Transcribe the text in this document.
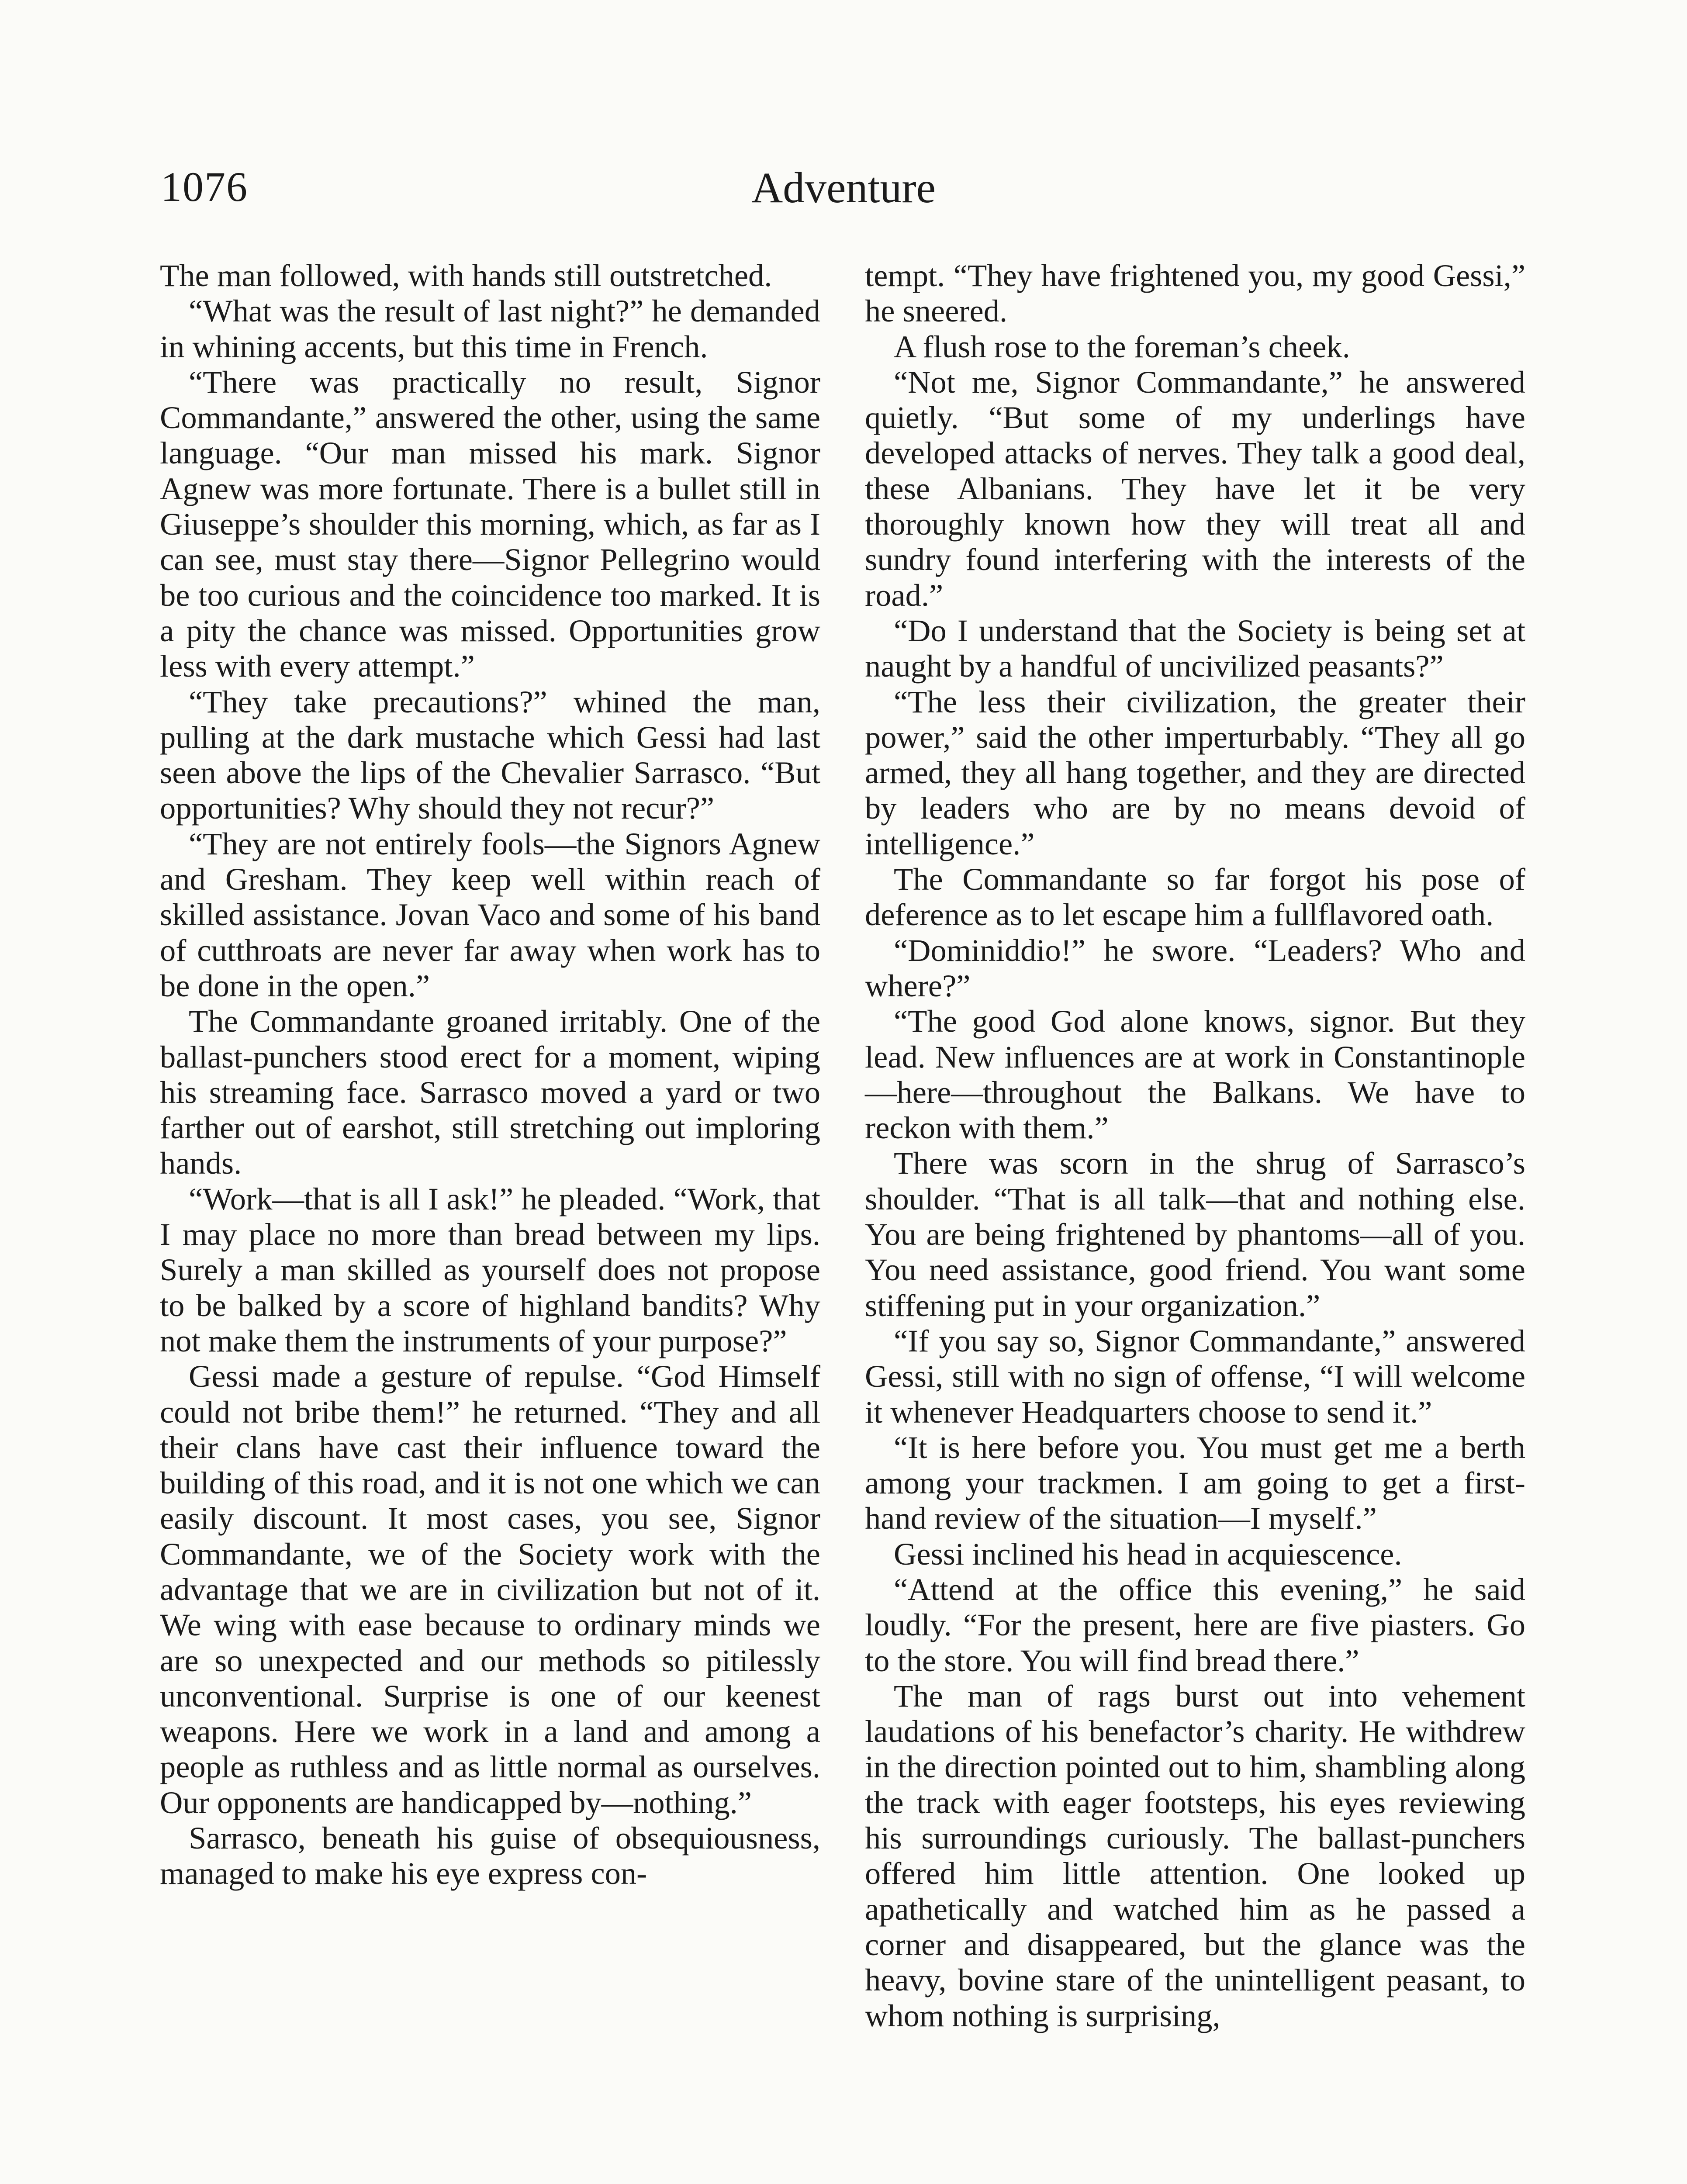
1076	Adventure

The man followed, with hands still outstretched.

“What was the result of last night?” he demanded in whining accents, but this time in French.

“There was practically no result, Signor Commandante,” answered the other, using the same language. “Our man missed his mark. Signor Agnew was more fortunate. There is a bullet still in Giuseppe’s shoulder this morning, which, as far as I can see, must stay there—Signor Pellegrino would be too curious and the coincidence too marked. It is a pity the chance was missed. Opportunities grow less with every attempt.”

“They take precautions?” whined the man, pulling at the dark mustache which Gessi had last seen above the lips of the Chevalier Sarrasco. “But opportunities? Why should they not recur?”

“They are not entirely fools—the Signors Agnew and Gresham. They keep well within reach of skilled assistance. Jovan Vaco and some of his band of cutthroats are never far away when work has to be done in the open.”

The Commandante groaned irritably. One of the ballast-punchers stood erect for a moment, wiping his streaming face. Sarrasco moved a yard or two farther out of earshot, still stretching out imploring hands.

“Work—that is all I ask!” he pleaded. “Work, that I may place no more than bread between my lips. Surely a man skilled as yourself does not propose to be balked by a score of highland bandits? Why not make them the instruments of your purpose?”

Gessi made a gesture of repulse. “God Himself could not bribe them!” he returned. “They and all their clans have cast their influence toward the building of this road, and it is not one which we can easily discount. It most cases, you see, Signor Commandante, we of the Society work with the advantage that we are in civilization but not of it. We wing with ease because to ordinary minds we are so unexpected and our methods so pitilessly unconventional. Surprise is one of our keenest weapons. Here we work in a land and among a people as ruthless and as little normal as ourselves. Our opponents are handicapped by—nothing.”

Sarrasco, beneath his guise of obsequiousness, managed to make his eye express con-

tempt. “They have frightened you, my good Gessi,” he sneered.

A flush rose to the foreman’s cheek.

“Not me, Signor Commandante,” he answered quietly. “But some of my underlings have developed attacks of nerves. They talk a good deal, these Albanians. They have let it be very thoroughly known how they will treat all and sundry found interfering with the interests of the road.”

“Do I understand that the Society is being set at naught by a handful of uncivilized peasants?”

“The less their civilization, the greater their power,” said the other imperturbably. “They all go armed, they all hang together, and they are directed by leaders who are by no means devoid of intelligence.”

The Commandante so far forgot his pose of deference as to let escape him a fullflavored oath.

“Dominiddio!” he swore. “Leaders? Who and where?”

“The good God alone knows, signor. But they lead. New influences are at work in Constantinople—here—throughout the Balkans. We have to reckon with them.”

There was scorn in the shrug of Sarrasco’s shoulder. “That is all talk—that and nothing else. You are being frightened by phantoms—all of you. You need assistance, good friend. You want some stiffening put in your organization.”

“If you say so, Signor Commandante,” answered Gessi, still with no sign of offense, “I will welcome it whenever Headquarters choose to send it.”

“It is here before you. You must get me a berth among your trackmen. I am going to get a first-hand review of the situation—I myself.”

Gessi inclined his head in acquiescence.

“Attend at the office this evening,” he said loudly. “For the present, here are five piasters. Go to the store. You will find bread there.”

The man of rags burst out into vehement laudations of his benefactor’s charity. He withdrew in the direction pointed out to him, shambling along the track with eager footsteps, his eyes reviewing his surroundings curiously. The ballast-punchers offered him little attention. One looked up apathetically and watched him as he passed a corner and disappeared, but the glance was the heavy, bovine stare of the unintelligent peasant, to whom nothing is surprising,
